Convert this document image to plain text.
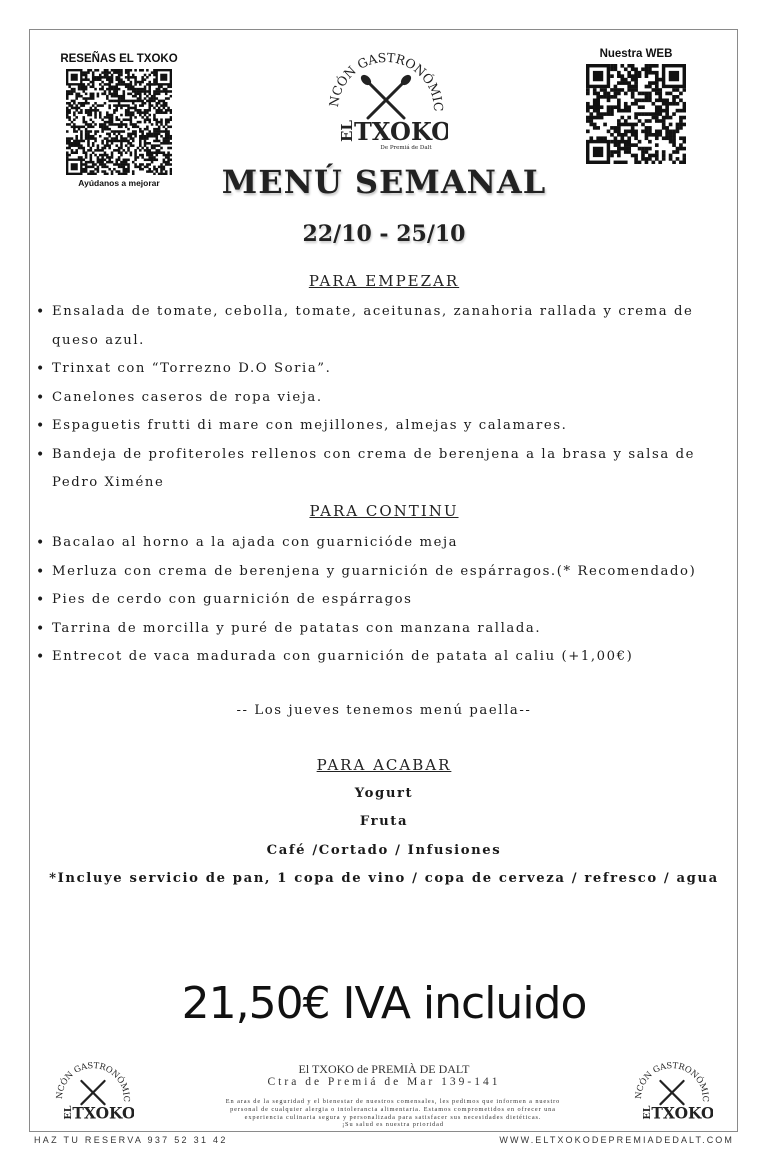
RESEÑAS EL TXOKO
Ayúdanos a mejorar
Nuestra WEB
NCÓN GASTRONÓMIC
EL
TXOKO
De Premiá de Dalt
MENÚ SEMANAL
22/10 - 25/10
PARA EMPEZAR
• Ensalada de tomate, cebolla, tomate, aceitunas, zanahoria rallada y crema de queso azul.
• Trinxat con “Torrezno D.O Soria”.
• Canelones caseros de ropa vieja.
• Espaguetis frutti di mare con mejillones, almejas y calamares.
• Bandeja de profiteroles rellenos con crema de berenjena a la brasa y salsa de Pedro Ximéne
PARA CONTINU
• Bacalao al horno a la ajada con guarnicióde meja
• Merluza con crema de berenjena y guarnición de espárragos.(* Recomendado)
• Pies de cerdo con guarnición de espárragos
• Tarrina de morcilla y puré de patatas con manzana rallada.
• Entrecot de vaca madurada con guarnición de patata al caliu (+1,00€)
-- Los jueves tenemos menú paella--
PARA ACABAR
Yogurt
Fruta
Café /Cortado / Infusiones
*Incluye servicio de pan, 1 copa de vino / copa de cerveza / refresco / agua
21,50€ IVA incluido
NCÓN GASTRONÓMIC
EL
TXOKO
NCÓN GASTRONÓMIC
EL
TXOKO
El TXOKO de PREMIÀ DE DALT
Ctra de Premiá de Mar 139-141
En aras de la seguridad y el bienestar de nuestros comensales, les pedimos que informen a nuestro
personal de cualquier alergia o intolerancia alimentaria. Estamos comprometidos en ofrecer una
experiencia culinaria segura y personalizada para satisfacer sus necesidades dietéticas.
¡Su salud es nuestra prioridad
HAZ TU RESERVA 937 52 31 42	WWW.ELTXOKODEPREMIADEDALT.COM
